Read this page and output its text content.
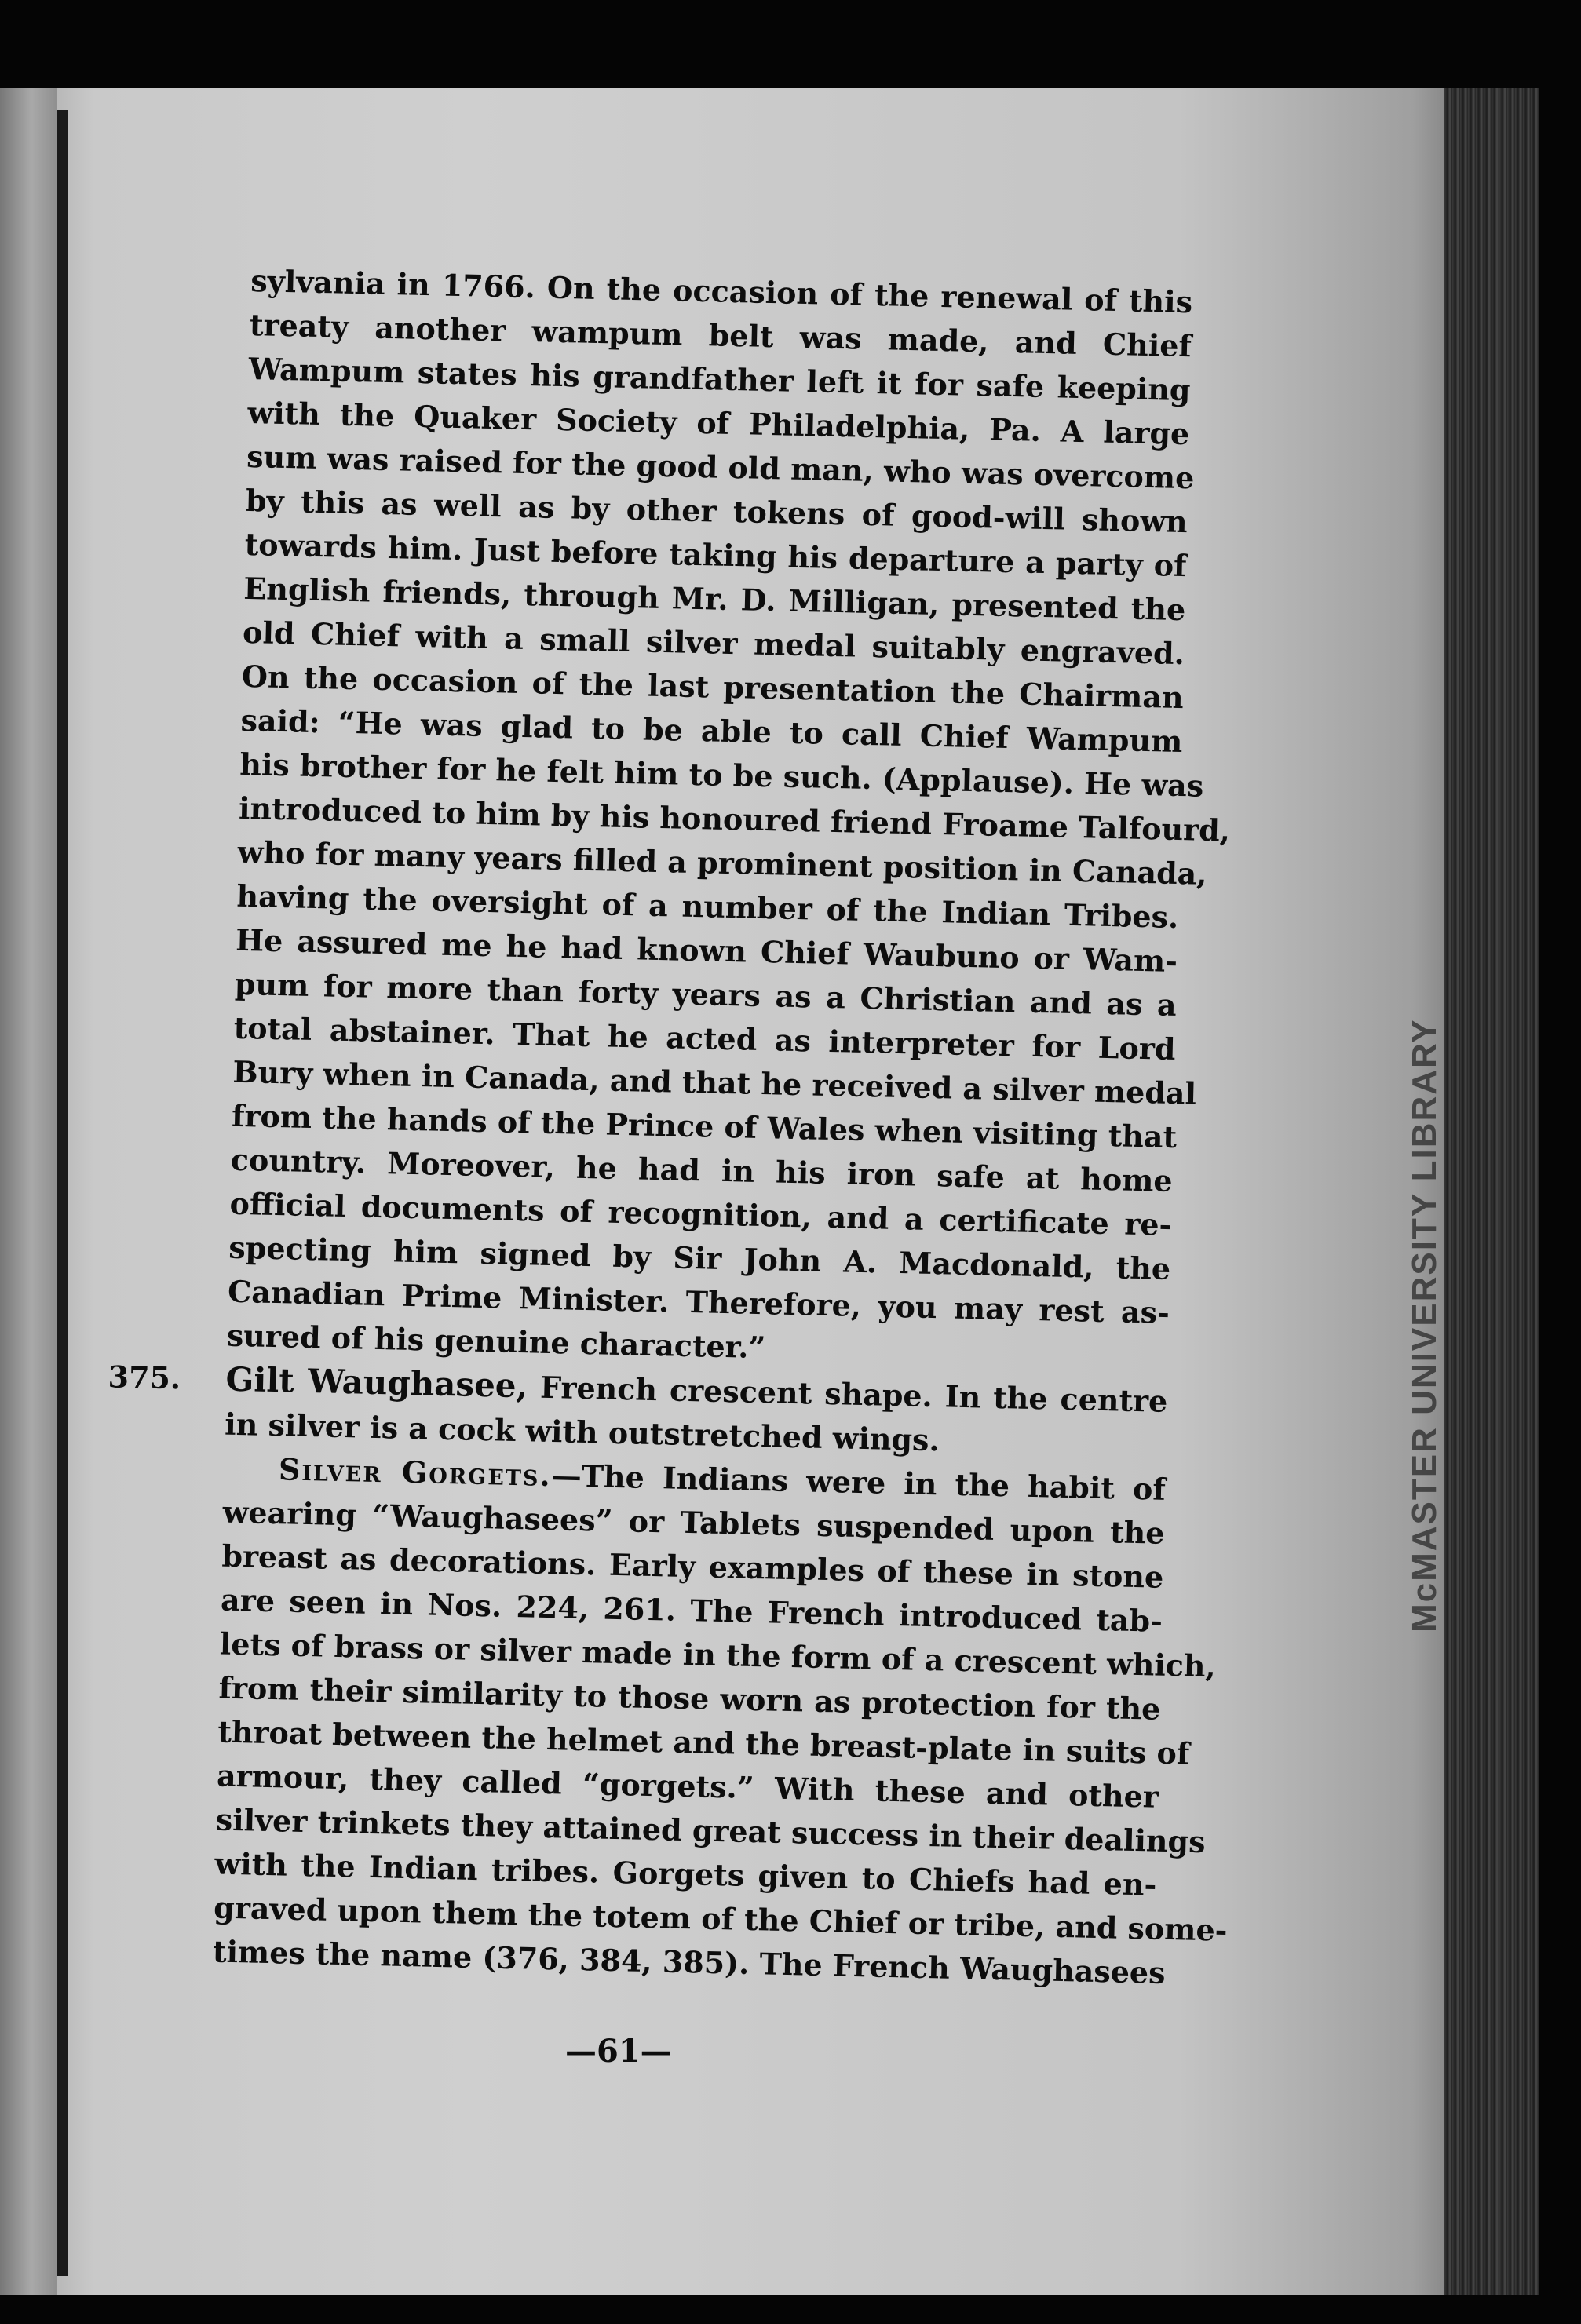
McMASTER UNIVERSITY LIBRARY
sylvania in 1766. On the occasion of the renewal of this
treaty another wampum belt was made, and Chief
Wampum states his grandfather left it for safe keeping
with the Quaker Society of Philadelphia, Pa. A large
sum was raised for the good old man, who was overcome
by this as well as by other tokens of good-will shown
towards him. Just before taking his departure a party of
English friends, through Mr. D. Milligan, presented the
old Chief with a small silver medal suitably engraved.
On the occasion of the last presentation the Chairman
said: “He was glad to be able to call Chief Wampum
his brother for he felt him to be such. (Applause). He was
introduced to him by his honoured friend Froame Talfourd,
who for many years filled a prominent position in Canada,
having the oversight of a number of the Indian Tribes.
He assured me he had known Chief Waubuno or Wam-
pum for more than forty years as a Christian and as a
total abstainer. That he acted as interpreter for Lord
Bury when in Canada, and that he received a silver medal
from the hands of the Prince of Wales when visiting that
country. Moreover, he had in his iron safe at home
official documents of recognition, and a certificate re-
specting him signed by Sir John A. Macdonald, the
Canadian Prime Minister. Therefore, you may rest as-
sured of his genuine character.”
375. Gilt Waughasee, French crescent shape. In the centre
in silver is a cock with outstretched wings.
Silver Gorgets.—The Indians were in the habit of
wearing “Waughasees” or Tablets suspended upon the
breast as decorations. Early examples of these in stone
are seen in Nos. 224, 261. The French introduced tab-
lets of brass or silver made in the form of a crescent which,
from their similarity to those worn as protection for the
throat between the helmet and the breast-plate in suits of
armour, they called “gorgets.” With these and other
silver trinkets they attained great success in their dealings
with the Indian tribes. Gorgets given to Chiefs had en-
graved upon them the totem of the Chief or tribe, and some-
times the name (376, 384, 385). The French Waughasees
—61—
